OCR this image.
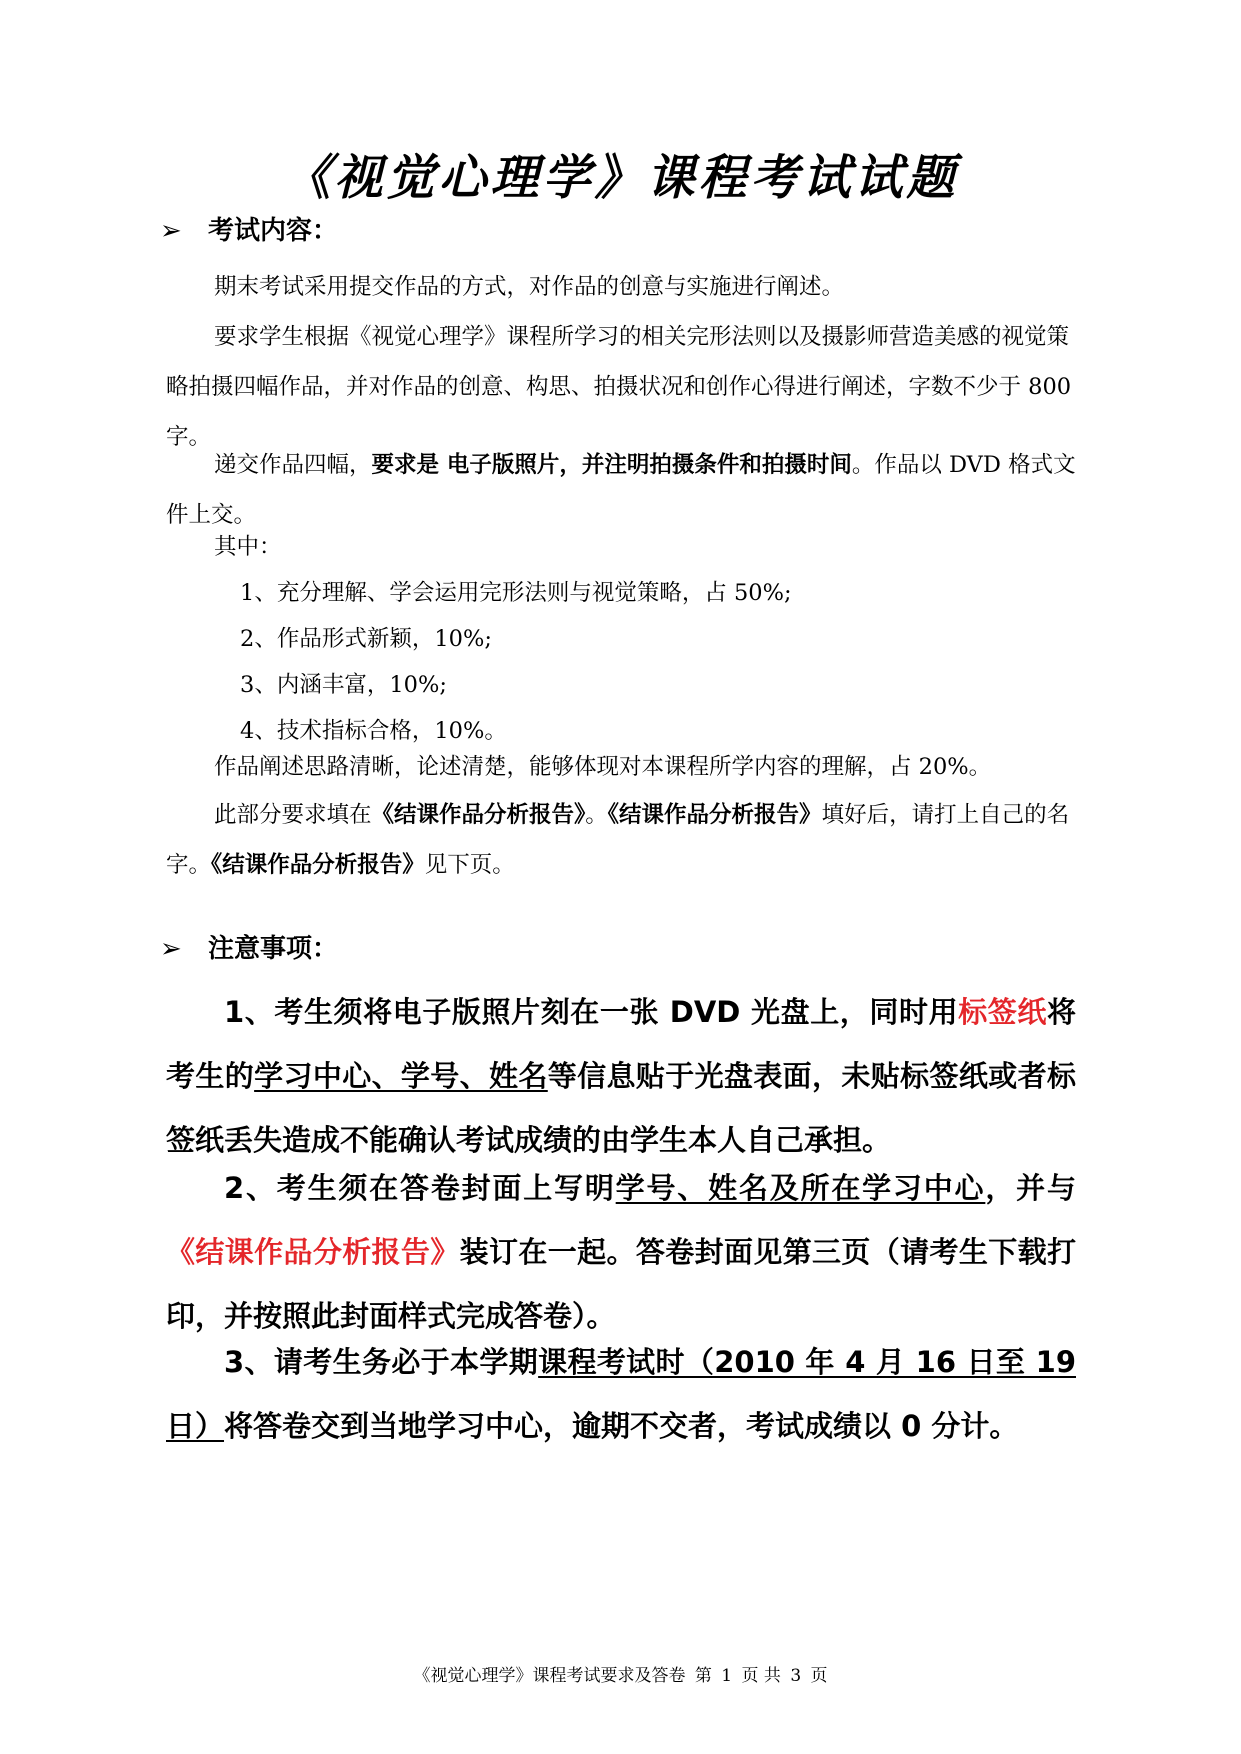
《视觉心理学》课程考试试题
➢ 考试内容：
期末考试采用提交作品的方式，对作品的创意与实施进行阐述。
要求学生根据《视觉心理学》课程所学习的相关完形法则以及摄影师营造美感的视觉策略拍摄四幅作品，并对作品的创意、构思、拍摄状况和创作心得进行阐述，字数不少于 800 字。
递交作品四幅，要求是 电子版照片，并注明拍摄条件和拍摄时间。作品以 DVD 格式文件上交。
其中：
1、充分理解、学会运用完形法则与视觉策略，占 50%;
2、作品形式新颖，10%;
3、内涵丰富，10%;
4、技术指标合格，10%。
作品阐述思路清晰，论述清楚，能够体现对本课程所学内容的理解，占 20%。
此部分要求填在《结课作品分析报告》。《结课作品分析报告》填好后，请打上自己的名字。《结课作品分析报告》见下页。
➢ 注意事项：
1、考生须将电子版照片刻在一张 DVD 光盘上，同时用标签纸将考生的学习中心、学号、姓名等信息贴于光盘表面，未贴标签纸或者标签纸丢失造成不能确认考试成绩的由学生本人自己承担。
2、考生须在答卷封面上写明学号、姓名及所在学习中心，并与《结课作品分析报告》装订在一起。答卷封面见第三页（请考生下载打印，并按照此封面样式完成答卷）。
3、请考生务必于本学期课程考试时（2010 年 4 月 16 日至 19 日）将答卷交到当地学习中心，逾期不交者，考试成绩以 0 分计。
《视觉心理学》课程考试要求及答卷 第 1 页 共 3 页
